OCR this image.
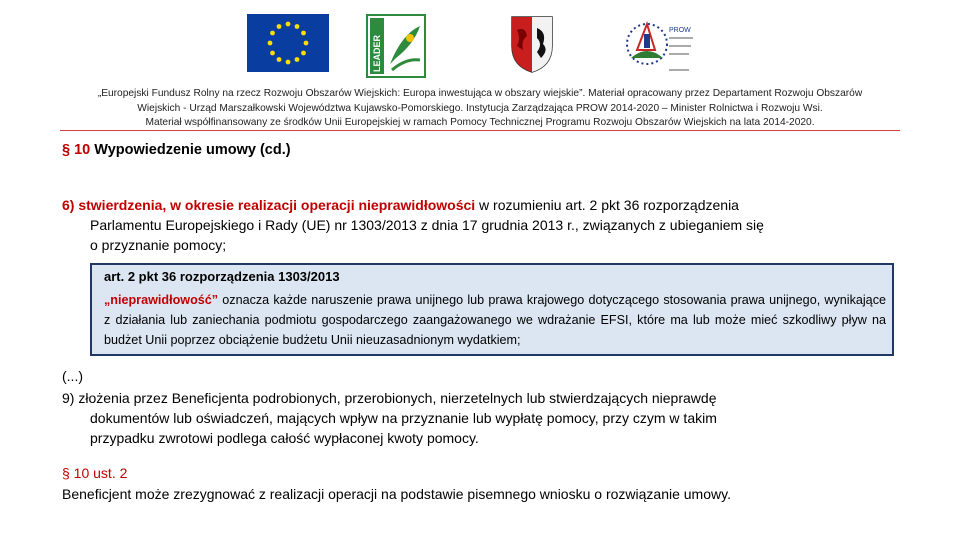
LEADER
PROW
„Europejski Fundusz Rolny na rzecz Rozwoju Obszarów Wiejskich: Europa inwestująca w obszary wiejskie”. Materiał opracowany przez Departament Rozwoju Obszarów
Wiejskich - Urząd Marszałkowski Województwa Kujawsko-Pomorskiego. Instytucja Zarządzająca PROW 2014-2020 – Minister Rolnictwa i Rozwoju Wsi.
Materiał współfinansowany ze środków Unii Europejskiej w ramach Pomocy Technicznej Programu Rozwoju Obszarów Wiejskich na lata 2014-2020.
§ 10 Wypowiedzenie umowy (cd.)
6) stwierdzenia, w okresie realizacji operacji nieprawidłowości w rozumieniu art. 2 pkt 36 rozporządzenia
Parlamentu Europejskiego i Rady (UE) nr 1303/2013 z dnia 17 grudnia 2013 r., związanych z ubieganiem się
o przyznanie pomocy;
art. 2 pkt 36 rozporządzenia 1303/2013
„nieprawidłowość” oznacza każde naruszenie prawa unijnego lub prawa krajowego dotyczącego stosowania prawa unijnego, wynikające z działania lub zaniechania podmiotu gospodarczego zaangażowanego we wdrażanie EFSI, które ma lub może mieć szkodliwy pływ na budżet Unii poprzez obciążenie budżetu Unii nieuzasadnionym wydatkiem;
(...)
9) złożenia przez Beneficjenta podrobionych, przerobionych, nierzetelnych lub stwierdzających nieprawdę
dokumentów lub oświadczeń, mających wpływ na przyznanie lub wypłatę pomocy, przy czym w takim
przypadku zwrotowi podlega całość wypłaconej kwoty pomocy.
§ 10 ust. 2
Beneficjent może zrezygnować z realizacji operacji na podstawie pisemnego wniosku o rozwiązanie umowy.
